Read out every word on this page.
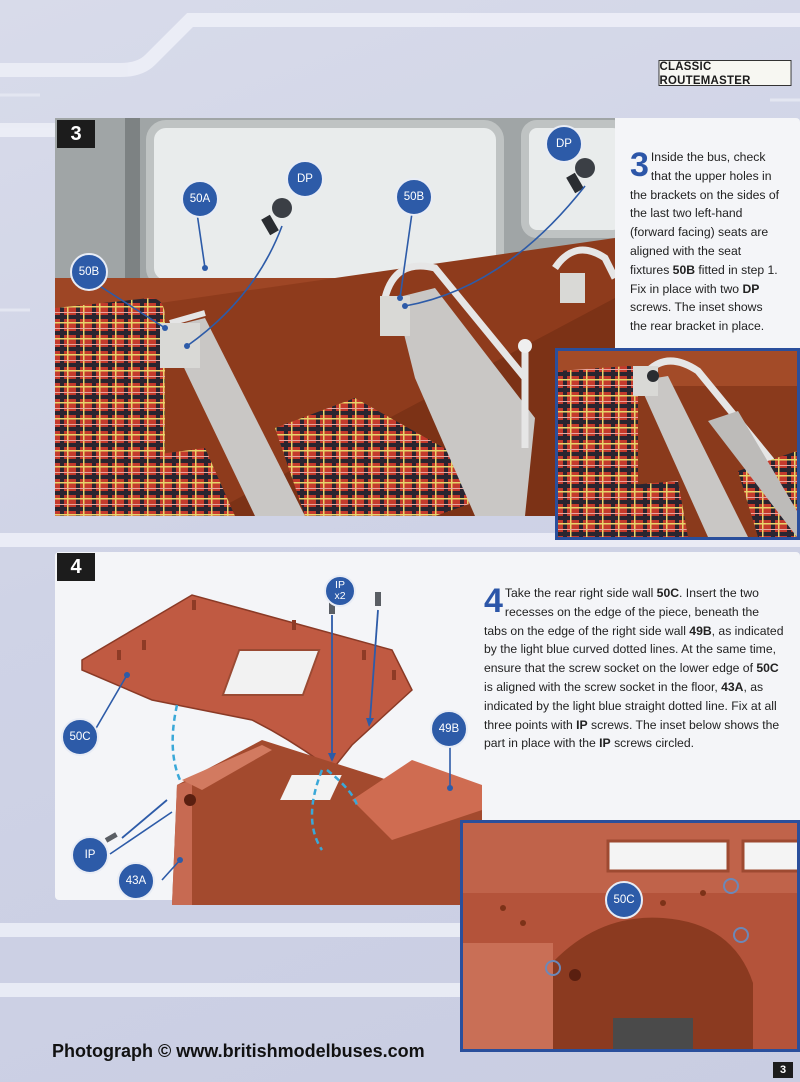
CLASSIC ROUTEMASTER
50A
DP
50B
DP
50B
3
3 Inside the bus, check that the upper holes in the brackets on the sides of the last two left-hand (forward facing) seats are aligned with the seat fixtures 50B fitted in step 1. Fix in place with two DP screws. The inset shows the rear bracket in place.
IP
x2
50C
49B
IP
43A
4
4 Take the rear right side wall 50C. Insert the two recesses on the edge of the piece, beneath the tabs on the edge of the right side wall 49B, as indicated by the light blue curved dotted lines. At the same time, ensure that the screw socket on the lower edge of 50C is aligned with the screw socket in the floor, 43A, as indicated by the light blue straight dotted line. Fix at all three points with IP screws. The inset below shows the part in place with the IP screws circled.
50C
Photograph © www.britishmodelbuses.com
3
